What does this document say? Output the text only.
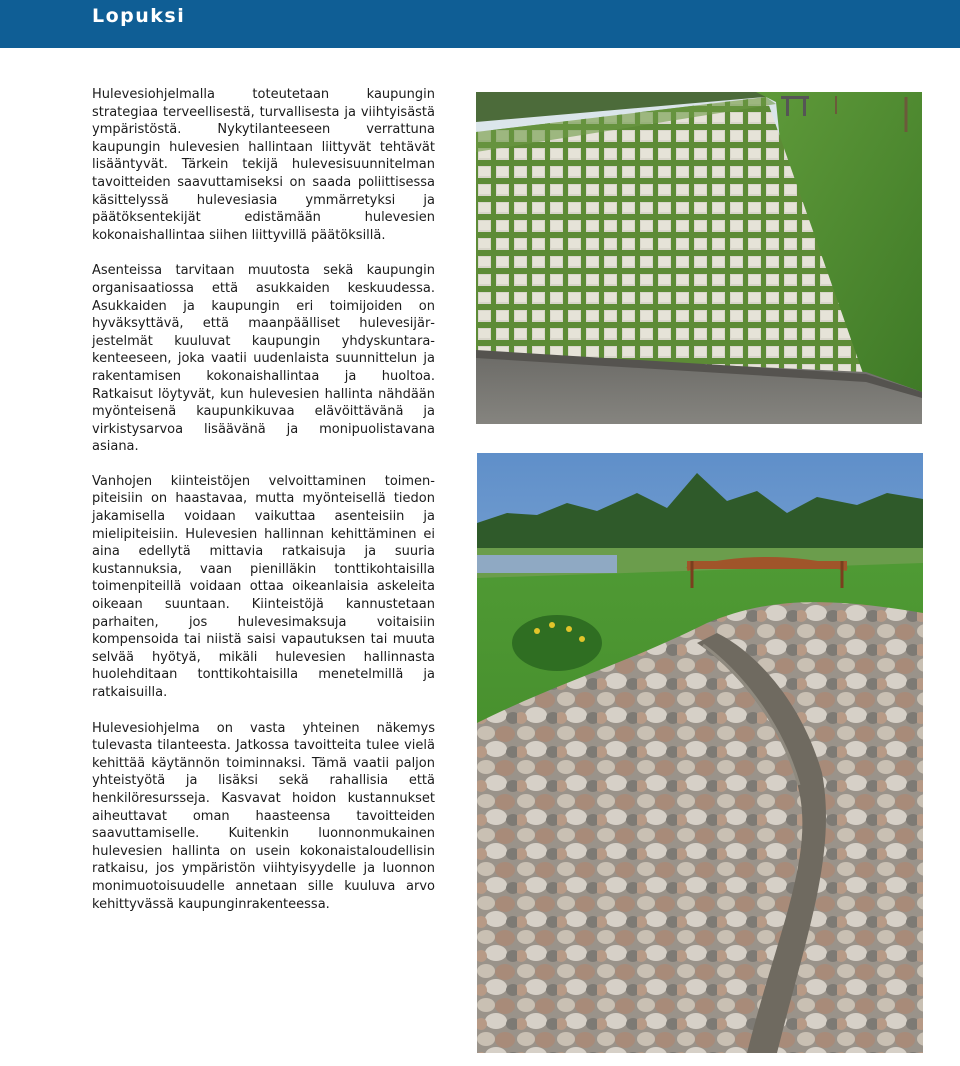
Lopuksi

Hulevesiohjelmalla toteutetaan kaupungin strategiaa terveellisestä, turvallisesta ja viihtyisästä ympäristöstä. Nykytilanteeseen verrattuna kaupungin hulevesien hallintaan liittyvät tehtävät lisääntyvät. Tärkein tekijä hulevesisuunnitelman tavoitteiden saavuttamiseksi on saada poliittisessa käsittelyssä hulevesiasia ymmärretyksi ja päätöksentekijät edistämään hulevesien kokonaishallintaa siihen liittyvillä päätöksillä.

Asenteissa tarvitaan muutosta sekä kaupungin organisaatiossa että asukkaiden keskuudessa. Asukkaiden ja kaupungin eri toimijoiden on hyväksyttävä, että maanpäälliset hulevesijärjestelmät kuuluvat kaupungin yhdyskuntarakenteeseen, joka vaatii uudenlaista suunnittelun ja rakentamisen kokonaishallintaa ja huoltoa. Ratkaisut löytyvät, kun hulevesien hallinta nähdään myönteisenä kaupunkikuvaa elävöittävänä ja virkistysarvoa lisäävänä ja monipuolistavana asiana.

Vanhojen kiinteistöjen velvoittaminen toimenpiteisiin on haastavaa, mutta myönteisellä tiedon jakamisella voidaan vaikuttaa asenteisiin ja mielipiteisiin. Hulevesien hallinnan kehittäminen ei aina edellytä mittavia ratkaisuja ja suuria kustannuksia, vaan pienilläkin tonttikohtaisilla toimenpiteillä voidaan ottaa oikeanlaisia askeleita oikeaan suuntaan. Kiinteistöjä kannustetaan parhaiten, jos hulevesimaksuja voitaisiin kompensoida tai niistä saisi vapautuksen tai muuta selvää hyötyä, mikäli hulevesien hallinnasta huolehditaan tonttikohtaisilla menetelmillä ja ratkaisuilla.

Hulevesiohjelma on vasta yhteinen näkemys tulevasta tilanteesta. Jatkossa tavoitteita tulee vielä kehittää käytännön toiminnaksi. Tämä vaatii paljon yhteistyötä ja lisäksi sekä rahallisia että henkilöresursseja. Kasvavat hoidon kustannukset aiheuttavat oman haasteensa tavoitteiden saavuttamiselle. Kuitenkin luonnonmukainen hulevesien hallinta on usein kokonaistaloudellisin ratkaisu, jos ympäristön viihtyisyydelle ja luonnon monimuotoisuudelle annetaan sille kuuluva arvo kehittyvässä kaupunginrakenteessa.
